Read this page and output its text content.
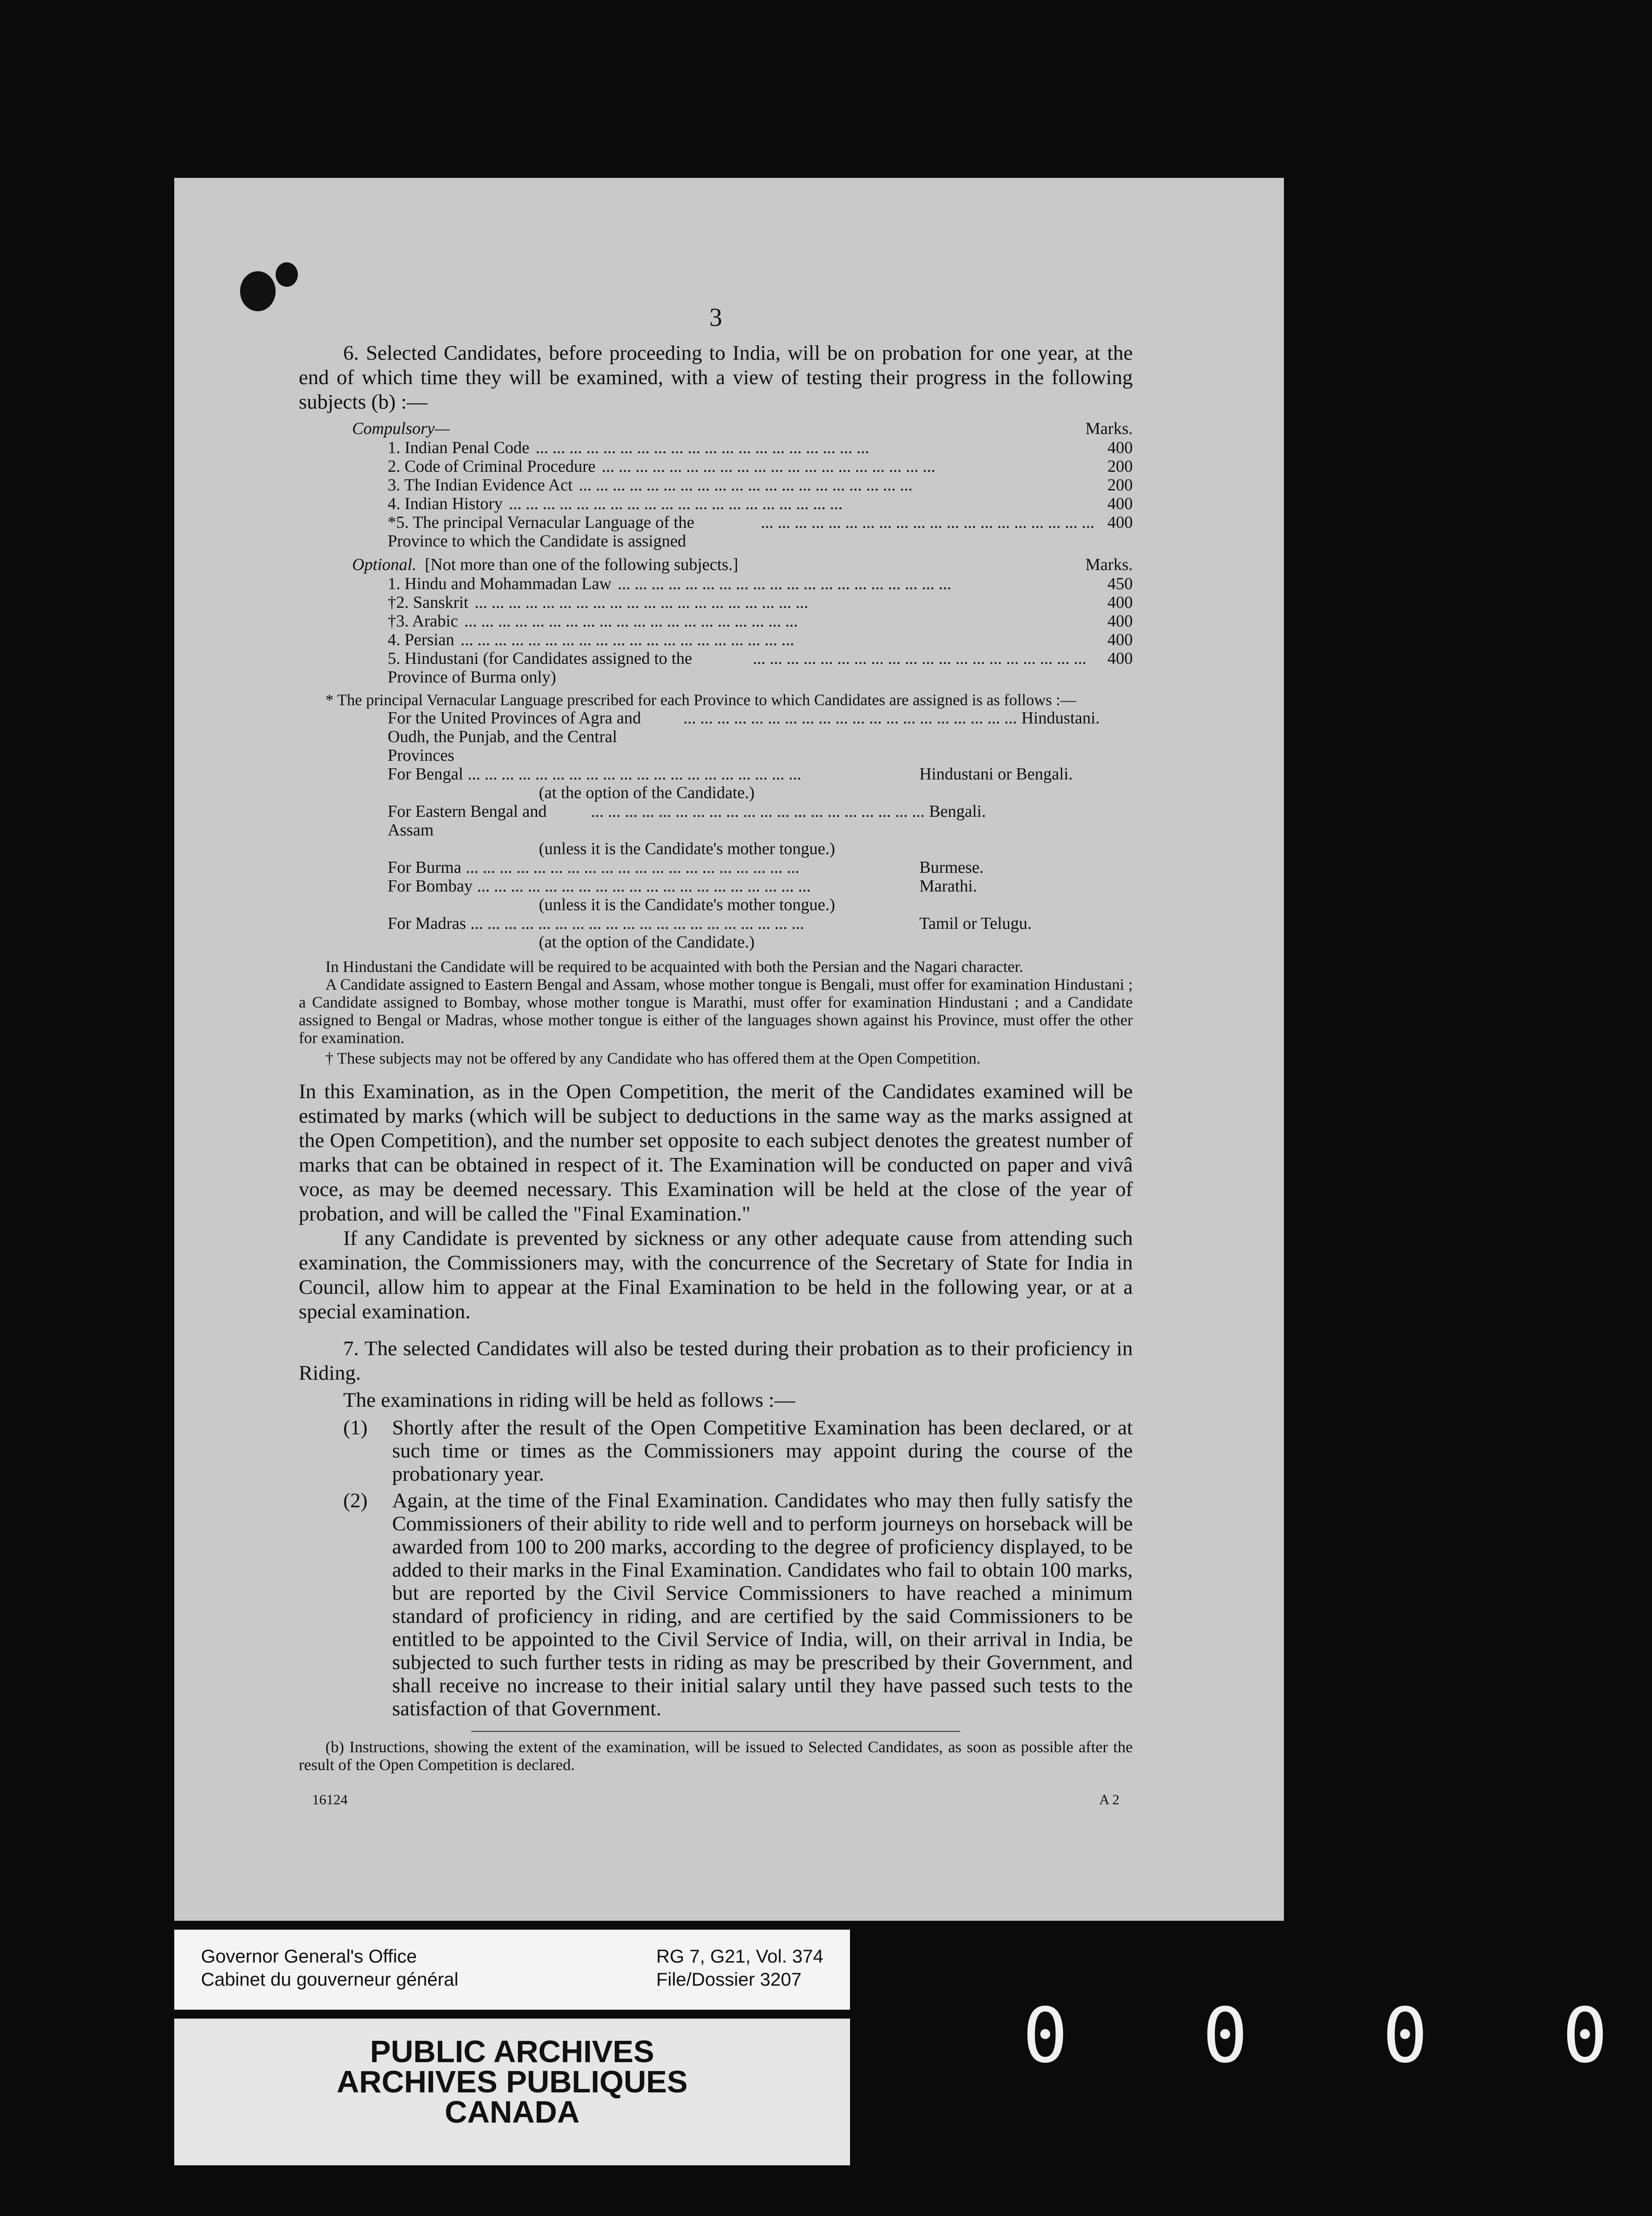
3

6. Selected Candidates, before proceeding to India, will be on probation for one year, at the end of which time they will be examined, with a view of testing their progress in the following subjects (b) :—

Compulsory—	Marks.
1. Indian Penal Code ... ... ... ... ... ... ... ... ... ... ... ... ... ... ... ... ... ... ... ...	400
2. Code of Criminal Procedure ... ... ... ... ... ... ... ... ... ... ... ... ... ... ... ... ... ... ... ...	200
3. The Indian Evidence Act ... ... ... ... ... ... ... ... ... ... ... ... ... ... ... ... ... ... ... ...	200
4. Indian History ... ... ... ... ... ... ... ... ... ... ... ... ... ... ... ... ... ... ... ...	400
*5. The principal Vernacular Language of the Province to which the Candidate is assigned
... ... ... ... ... ... ... ... ... ... ... ... ... ... ... ... ... ... ... ... 400
Optional. [Not more than one of the following subjects.]	Marks.
1. Hindu and Mohammadan Law ... ... ... ... ... ... ... ... ... ... ... ... ... ... ... ... ... ... ... ...	450
†2. Sanskrit ... ... ... ... ... ... ... ... ... ... ... ... ... ... ... ... ... ... ... ...	400
†3. Arabic ... ... ... ... ... ... ... ... ... ... ... ... ... ... ... ... ... ... ... ...	400
4. Persian ... ... ... ... ... ... ... ... ... ... ... ... ... ... ... ... ... ... ... ...	400
5. Hindustani (for Candidates assigned to the Province of Burma only)
... ... ... ... ... ... ... ... ... ... ... ... ... ... ... ... ... ... ... ...	400

* The principal Vernacular Language prescribed for each Province to which Candidates are assigned is as follows :—

For the United Provinces of Agra and Oudh, the Punjab, and the Central Provinces
... ... ... ... ... ... ... ... ... ... ... ... ... ... ... ... ... ... ... ... Hindustani.
For Bengal ... ... ... ... ... ... ... ... ... ... ... ... ... ... ... ... ... ... ... ...	Hindustani or Bengali.
(at the option of the Candidate.)
For Eastern Bengal and Assam
... ... ... ... ... ... ... ... ... ... ... ... ... ... ... ... ... ... ... ... Bengali.
(unless it is the Candidate's mother tongue.)
For Burma ... ... ... ... ... ... ... ... ... ... ... ... ... ... ... ... ... ... ... ...	Burmese.
For Bombay ... ... ... ... ... ... ... ... ... ... ... ... ... ... ... ... ... ... ... ...	Marathi.
(unless it is the Candidate's mother tongue.)
For Madras ... ... ... ... ... ... ... ... ... ... ... ... ... ... ... ... ... ... ... ...	Tamil or Telugu.
(at the option of the Candidate.)

In Hindustani the Candidate will be required to be acquainted with both the Persian and the Nagari character.

A Candidate assigned to Eastern Bengal and Assam, whose mother tongue is Bengali, must offer for examination Hindustani ; a Candidate assigned to Bombay, whose mother tongue is Marathi, must offer for examination Hindustani ; and a Candidate assigned to Bengal or Madras, whose mother tongue is either of the languages shown against his Province, must offer the other for examination.

† These subjects may not be offered by any Candidate who has offered them at the Open Competition.

In this Examination, as in the Open Competition, the merit of the Candidates examined will be estimated by marks (which will be subject to deductions in the same way as the marks assigned at the Open Competition), and the number set opposite to each subject denotes the greatest number of marks that can be obtained in respect of it. The Examination will be conducted on paper and vivâ voce, as may be deemed necessary. This Examination will be held at the close of the year of probation, and will be called the "Final Examination."

If any Candidate is prevented by sickness or any other adequate cause from attending such examination, the Commissioners may, with the concurrence of the Secretary of State for India in Council, allow him to appear at the Final Examination to be held in the following year, or at a special examination.

7. The selected Candidates will also be tested during their probation as to their proficiency in Riding.

The examinations in riding will be held as follows :—

(1)	Shortly after the result of the Open Competitive Examination has been declared, or at such time or times as the Commissioners may appoint during the course of the probationary year.
(2)	Again, at the time of the Final Examination. Candidates who may then fully satisfy the Commissioners of their ability to ride well and to perform journeys on horseback will be awarded from 100 to 200 marks, according to the degree of proficiency displayed, to be added to their marks in the Final Examination. Candidates who fail to obtain 100 marks, but are reported by the Civil Service Commissioners to have reached a minimum standard of proficiency in riding, and are certified by the said Commissioners to be entitled to be appointed to the Civil Service of India, will, on their arrival in India, be subjected to such further tests in riding as may be prescribed by their Government, and shall receive no increase to their initial salary until they have passed such tests to the satisfaction of that Government.

(b) Instructions, showing the extent of the examination, will be issued to Selected Candidates, as soon as possible after the result of the Open Competition is declared.

16124	A 2
Governor General's Office
Cabinet du gouverneur général
RG 7, G21, Vol. 374
File/Dossier 3207
PUBLIC ARCHIVES
ARCHIVES PUBLIQUES
CANADA
0 0 0 0
